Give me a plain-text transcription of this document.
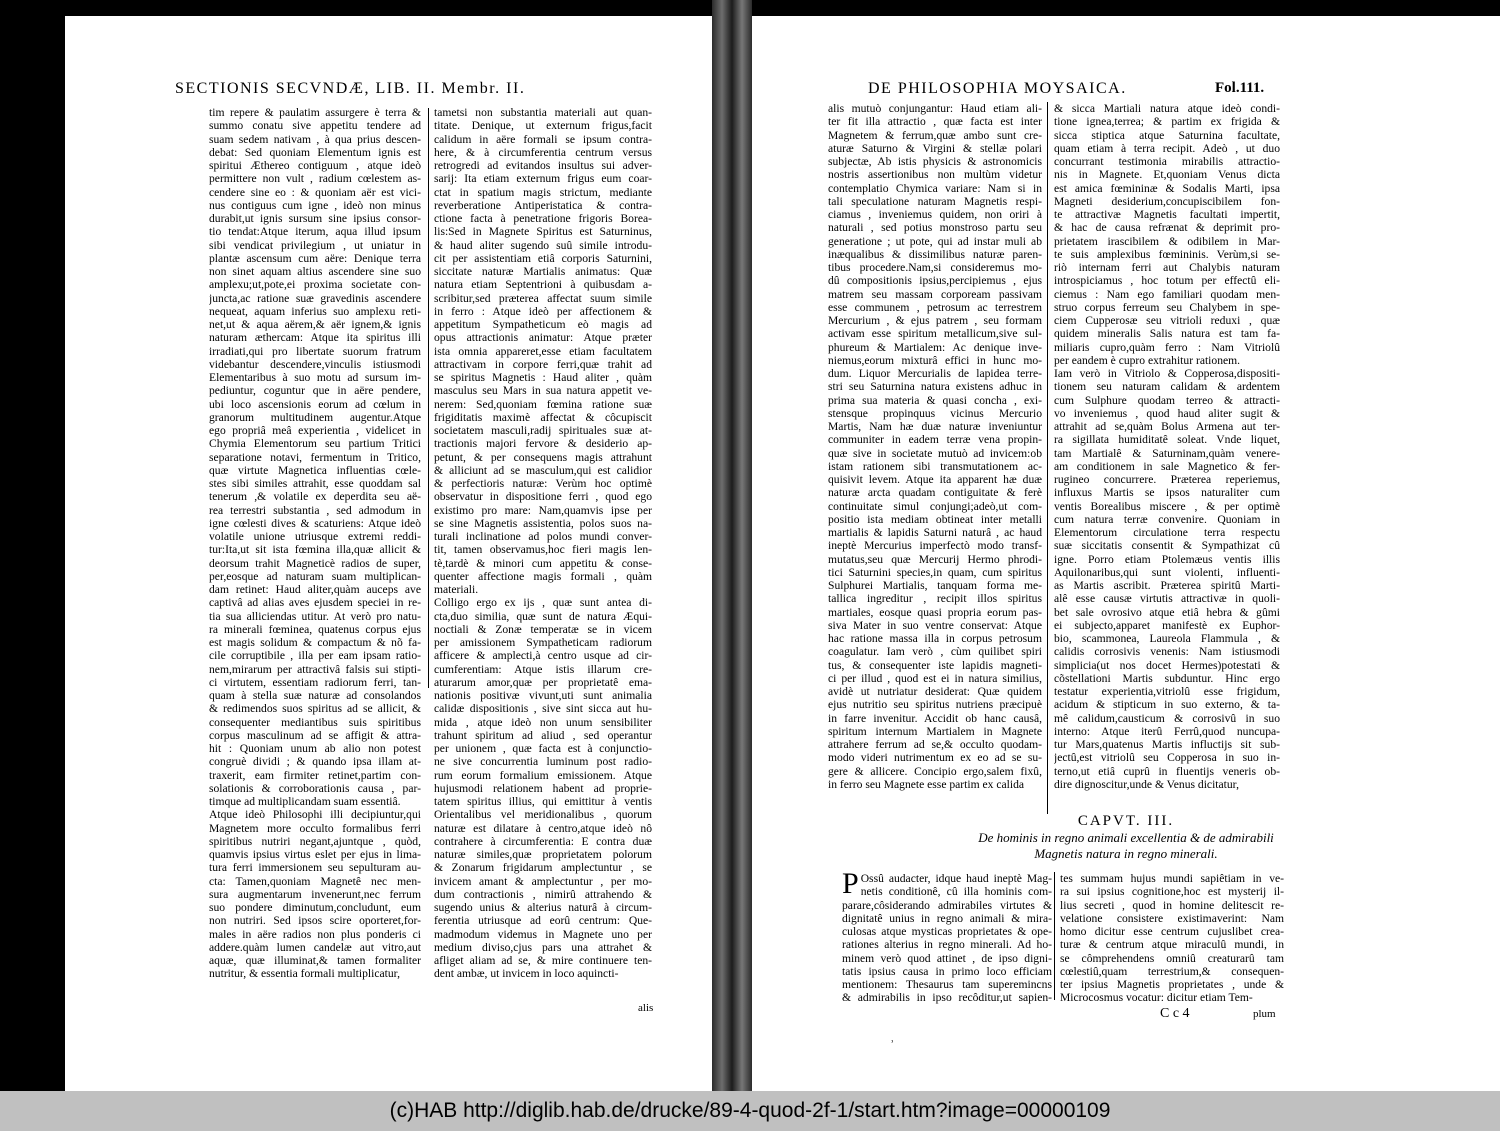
SECTIONIS SECVNDÆ, LIB. II. Membr. II.
tim repere & paulatim assurgere è terra &
summo conatu sive appetitu tendere ad
suam sedem nativam , à qua prius descen-
debat: Sed quoniam Elementum ignis est
spiritui Æthereo contiguum , atque ideò
permittere non vult , radium cœlestem as-
cendere sine eo : & quoniam aër est vici-
nus contiguus cum igne , ideò non minus
durabit,ut ignis sursum sine ipsius consor-
tio tendat:Atque iterum, aqua illud ipsum
sibi vendicat privilegium , ut uniatur in
plantæ ascensum cum aëre: Denique terra
non sinet aquam altius ascendere sine suo
amplexu;ut,pote,ei proxima societate con-
juncta,ac ratione suæ gravedinis ascendere
nequeat, aquam inferius suo amplexu reti-
net,ut & aqua aërem,& aër ignem,& ignis
naturam æthercam: Atque ita spiritus illi
irradiati,qui pro libertate suorum fratrum
videbantur descendere,vinculis istiusmodi
Elementaribus à suo motu ad sursum im-
pediuntur, coguntur que in aëre pendere,
ubi loco ascensionis eorum ad cœlum in
granorum multitudinem augentur.Atque
ego propriâ meâ experientia , videlicet in
Chymia Elementorum seu partium Tritici
separatione notavi, fermentum in Tritico,
quæ virtute Magnetica influentias cœle-
stes sibi similes attrahit, esse quoddam sal
tenerum ,& volatile ex deperdita seu aë-
rea terrestri substantia , sed admodum in
igne cœlesti dives & scaturiens: Atque ideò
volatile unione utriusque extremi reddi-
tur:Ita,ut sit ista fœmina illa,quæ allicit &
deorsum trahit Magneticè radios de super,
per,eosque ad naturam suam multiplican-
dam retinet: Haud aliter,quàm auceps ave
captivâ ad alias aves ejusdem speciei in re-
tia sua alliciendas utitur. At verò pro natu-
ra minerali fœminea, quatenus corpus ejus
est magis solidum & compactum & nõ fa-
cile corruptibile , illa per eam ipsam ratio-
nem,mirarum per attractivâ falsis sui stipti-
ci virtutem, essentiam radiorum ferri, tan-
quam à stella suæ naturæ ad consolandos
& redimendos suos spiritus ad se allicit, &
consequenter mediantibus suis spiritibus
corpus masculinum ad se affigit & attra-
hit : Quoniam unum ab alio non potest
congruè dividi ; & quando ipsa illam at-
traxerit, eam firmiter retinet,partim con-
solationis & corroborationis causa , par-
timque ad multiplicandam suam essentiâ.
Atque ideò Philosophi illi decipiuntur,qui
Magnetem more occulto formalibus ferri
spiritibus nutriri negant,ajuntque , quòd,
quamvis ipsius virtus eslet per ejus in lima-
tura ferri immersionem seu sepulturam au-
cta: Tamen,quoniam Magnetê nec men-
sura augmentarum invenerunt,nec ferrum
suo pondere diminutum,concludunt, eum
non nutriri. Sed ipsos scire oporteret,for-
males in aëre radios non plus ponderis ci
addere.quàm lumen candelæ aut vitro,aut
aquæ, quæ illuminat,& tamen formaliter
nutritur, & essentia formali multiplicatur,
tametsi non substantia materiali aut quan-
titate. Denique, ut externum frigus,facit
calidum in aëre formali se ipsum contra-
here, & à circumferentia centrum versus
retrogredi ad evitandos insultus sui adver-
sarij: Ita etiam externum frigus eum coar-
ctat in spatium magis strictum, mediante
reverberatione Antiperistatica & contra-
ctione facta à penetratione frigoris Borea-
lis:Sed in Magnete Spiritus est Saturninus,
& haud aliter sugendo suû simile introdu-
cit per assistentiam etiâ corporis Saturnini,
siccitate naturæ Martialis animatus: Quæ
natura etiam Septentrioni à quibusdam a-
scribitur,sed præterea affectat suum simile
in ferro : Atque ideò per affectionem &
appetitum Sympatheticum eò magis ad
opus attractionis animatur: Atque præter
ista omnia appareret,esse etiam facultatem
attractivam in corpore ferri,quæ trahit ad
se spiritus Magnetis : Haud aliter , quàm
masculus seu Mars in sua natura appetit ve-
nerem: Sed,quoniam fœmina ratione suæ
frigiditatis maximè affectat & côcupiscit
societatem masculi,radij spirituales suæ at-
tractionis majori fervore & desiderio ap-
petunt, & per consequens magis attrahunt
& alliciunt ad se masculum,qui est calidior
& perfectioris naturæ: Verùm hoc optimè
observatur in dispositione ferri , quod ego
existimo pro mare: Nam,quamvis ipse per
se sine Magnetis assistentia, polos suos na-
turali inclinatione ad polos mundi conver-
tit, tamen observamus,hoc fieri magis len-
tè,tardè & minori cum appetitu & conse-
quenter affectione magis formali , quàm
materiali.
Colligo ergo ex ijs , quæ sunt antea di-
cta,duo similia, quæ sunt de natura Æqui-
noctiali & Zonæ temperatæ se in vicem
per amissionem Sympatheticam radiorum
afficere & amplecti,à centro usque ad cir-
cumferentiam: Atque istis illarum cre-
aturarum amor,quæ per proprietatê ema-
nationis positivæ vivunt,uti sunt animalia
calidæ dispositionis , sive sint sicca aut hu-
mida , atque ideò non unum sensibiliter
trahunt spiritum ad aliud , sed operantur
per unionem , quæ facta est à conjunctio-
ne sive concurrentia luminum post radio-
rum eorum formalium emissionem. Atque
hujusmodi relationem habent ad proprie-
tatem spiritus illius, qui emittitur à ventis
Orientalibus vel meridionalibus , quorum
naturæ est dilatare à centro,atque ideò nô
contrahere à circumferentia: E contra duæ
naturæ similes,quæ proprietatem polorum
& Zonarum frigidarum amplectuntur , se
invicem amant & amplectuntur , per mo-
dum contractionis , nimirû attrahendo &
sugendo unius & alterius naturâ à circum-
ferentia utriusque ad eorû centrum: Que-
madmodum videmus in Magnete uno per
medium diviso,cjus pars una attrahet &
afliget aliam ad se, & mire continuere ten-
dent ambæ, ut invicem in loco aquincti-
alis
DE PHILOSOPHIA MOYSAICA.	Fol.111.
alis mutuò conjungantur: Haud etiam ali-
ter fit illa attractio , quæ facta est inter
Magnetem & ferrum,quæ ambo sunt cre-
aturæ Saturno & Virgini & stellæ polari
subjectæ, Ab istis physicis & astronomicis
nostris assertionibus non multùm videtur
contemplatio Chymica variare: Nam si in
tali speculatione naturam Magnetis respi-
ciamus , inveniemus quidem, non oriri à
naturali , sed potius monstroso partu seu
generatione ; ut pote, qui ad instar muli ab
inæqualibus & dissimilibus naturæ paren-
tibus procedere.Nam,si consideremus mo-
dû compositionis ipsius,percipiemus , ejus
matrem seu massam corpoream passivam
esse communem , petrosum ac terrestrem
Mercurium , & ejus patrem , seu formam
activam esse spiritum metallicum,sive sul-
phureum & Martialem: Ac denique inve-
niemus,eorum mixturâ effici in hunc mo-
dum. Liquor Mercurialis de lapidea terre-
stri seu Saturnina natura existens adhuc in
prima sua materia & quasi concha , exi-
stensque propinquus vicinus Mercurio
Martis, Nam hæ duæ naturæ inveniuntur
communiter in eadem terræ vena propin-
quæ sive in societate mutuò ad invicem:ob
istam rationem sibi transmutationem ac-
quisivit levem. Atque ita apparent hæ duæ
naturæ arcta quadam contiguitate & ferè
continuitate simul conjungi;adeò,ut com-
positio ista mediam obtineat inter metalli
martialis & lapidis Saturni naturâ , ac haud
ineptè Mercurius imperfectò modo transf-
mutatus,seu quæ Mercurij Hermo phrodi-
tici Saturnini species,in quam, cum spiritus
Sulphurei Martialis, tanquam forma me-
tallica ingreditur , recipit illos spiritus
martiales, eosque quasi propria eorum pas-
siva Mater in suo ventre conservat: Atque
hac ratione massa illa in corpus petrosum
coagulatur. Iam verò , cùm quilibet spiri
tus, & consequenter iste lapidis magneti-
ci per illud , quod est ei in natura similius,
avidè ut nutriatur desiderat: Quæ quidem
ejus nutritio seu spiritus nutriens præcipuè
in farre invenitur. Accidit ob hanc causâ,
spiritum internum Martialem in Magnete
attrahere ferrum ad se,& occulto quodam-
modo videri nutrimentum ex eo ad se su-
gere & allicere. Concipio ergo,salem fixû,
in ferro seu Magnete esse partim ex calida
& sicca Martiali natura atque ideò condi-
tione ignea,terrea; & partim ex frigida &
sicca stiptica atque Saturnina facultate,
quam etiam à terra recipit. Adeò , ut duo
concurrant testimonia mirabilis attractio-
nis in Magnete. Et,quoniam Venus dicta
est amica fœmininæ & Sodalis Marti, ipsa
Magneti desiderium,concupiscibilem fon-
te attractivæ Magnetis facultati impertit,
& hac de causa refrænat & deprimit pro-
prietatem irascibilem & odibilem in Mar-
te suis amplexibus fœmininis. Verùm,si se-
riò internam ferri aut Chalybis naturam
introspiciamus , hoc totum per effectû eli-
ciemus : Nam ego familiari quodam men-
struo corpus ferreum seu Chalybem in spe-
ciem Cupperosæ seu vitrioli reduxi , quæ
quidem mineralis Salis natura est tam fa-
miliaris cupro,quàm ferro : Nam Vitriolû
per eandem è cupro extrahitur rationem.
Iam verò in Vitriolo & Copperosa,dispositi-
tionem seu naturam calidam & ardentem
cum Sulphure quodam terreo & attracti-
vo inveniemus , quod haud aliter sugit &
attrahit ad se,quàm Bolus Armena aut ter-
ra sigillata humiditatê soleat. Vnde liquet,
tam Martialê & Saturninam,quàm venere-
am conditionem in sale Magnetico & fer-
rugineo concurrere. Præterea reperiemus,
influxus Martis se ipsos naturaliter cum
ventis Borealibus miscere , & per optimè
cum natura terræ convenire. Quoniam in
Elementorum circulatione terra respectu
suæ siccitatis consentit & Sympathizat cû
igne. Porro etiam Ptolemæus ventis illis
Aquilonaribus,qui sunt violenti, influenti-
as Martis ascribit. Præterea spiritû Marti-
alê esse causæ virtutis attractivæ in quoli-
bet sale ovrosivo atque etiâ hebra & gûmi
ei subjecto,apparet manifestè ex Euphor-
bio, scammonea, Laureola Flammula , &
calidis corrosivis venenis: Nam istiusmodi
simplicia(ut nos docet Hermes)potestati &
cõstellationi Martis subduntur. Hinc ergo
testatur experientia,vitriolû esse frigidum,
acidum & stipticum in suo externo, & ta-
mê calidum,causticum & corrosivû in suo
interno: Atque iterû Ferrû,quod nuncupa-
tur Mars,quatenus Martis influctijs sit sub-
jectû,est vitriolû seu Copperosa in suo in-
terno,ut etiâ cuprû in fluentijs veneris ob-
dire dignoscitur,unde & Venus dicitatur,
CAPVT. III.
De hominis in regno animali excellentia & de admirabili
Magnetis natura in regno minerali.
P Ossû audacter, idque haud ineptè Mag-
netis conditionê, cû illa hominis com-
parare,côsiderando admirabiles virtutes &
dignitatê unius in regno animali & mira-
culosas atque mysticas proprietates & ope-
rationes alterius in regno minerali. Ad ho-
minem verò quod attinet , de ipso digni-
tatis ipsius causa in primo loco efficiam
mentionem: Thesaurus tam superemincns
& admirabilis in ipso recôditur,ut sapien-
tes summam hujus mundi sapiêtiam in ve-
ra sui ipsius cognitione,hoc est mysterij il-
lius secreti , quod in homine delitescit re-
velatione consistere existimaverint: Nam
homo dicitur esse centrum cujuslibet crea-
turæ & centrum atque miraculû mundi, in
se cômprehendens omniû creaturarû tam
cœlestiû,quam terrestrium,& consequen-
ter ipsius Magnetis proprietates , unde &
Microcosmus vocatur: dicitur etiam Tem-
C c 4	plum
˒
(c)HAB http://diglib.hab.de/drucke/89-4-quod-2f-1/start.htm?image=00000109
